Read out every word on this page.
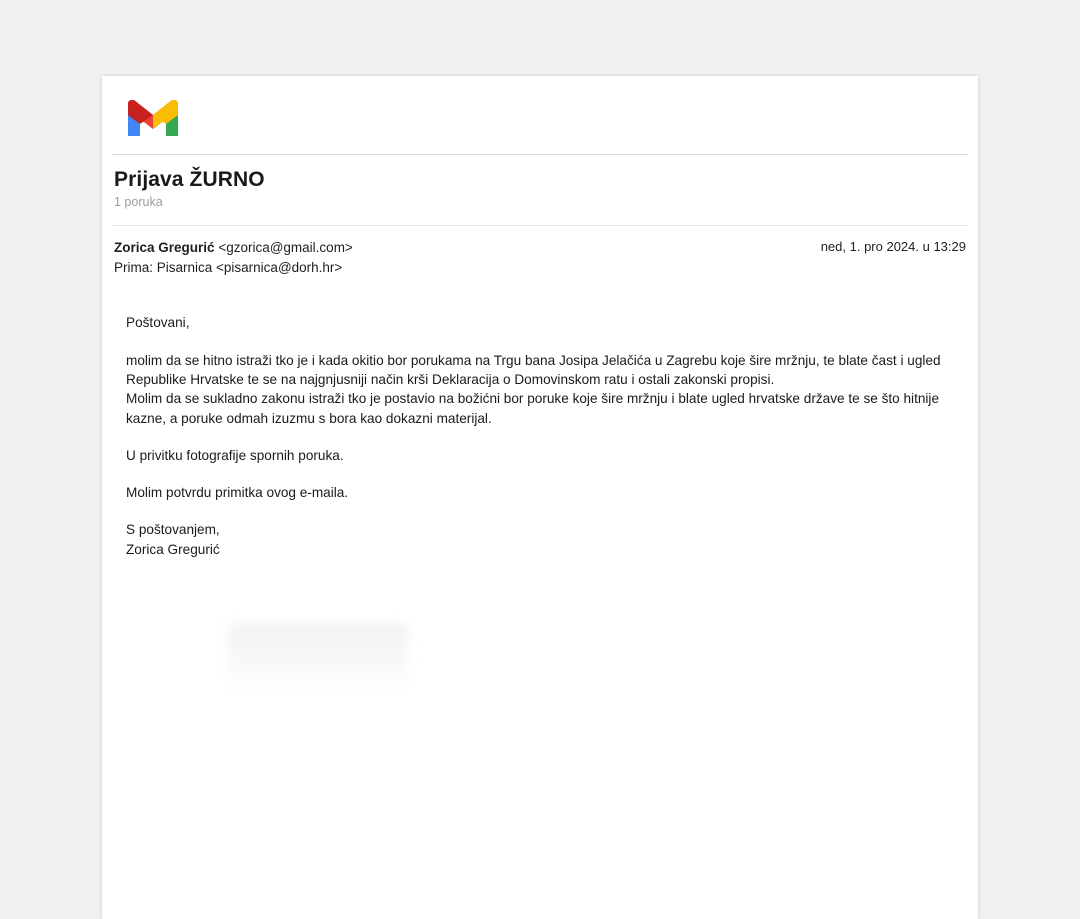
Prijava ŽURNO
1 poruka
Zorica Gregurić <gzorica@gmail.com>
Prima: Pisarnica <pisarnica@dorh.hr>
ned, 1. pro 2024. u 13:29

Poštovani,

molim da se hitno istraži tko je i kada okitio bor porukama na Trgu bana Josipa Jelačića u Zagrebu koje šire mržnju, te blate čast i ugled Republike Hrvatske te se na najgnjusniji način krši Deklaracija o Domovinskom ratu i ostali zakonski propisi.

Molim da se sukladno zakonu istraži tko je postavio na božićni bor poruke koje šire mržnju i blate ugled hrvatske države te se što hitnije kazne, a poruke odmah izuzmu s bora kao dokazni materijal.

U privitku fotografije spornih poruka.

Molim potvrdu primitka ovog e-maila.

S poštovanjem,
Zorica Gregurić
